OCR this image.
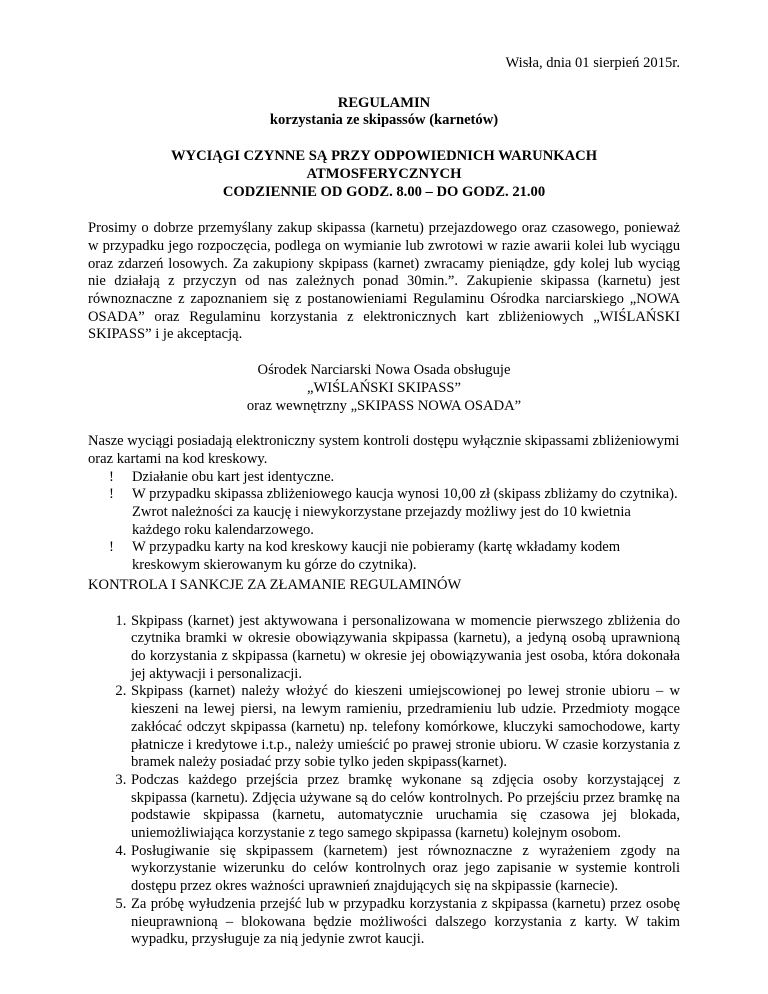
Wisła, dnia 01 sierpień 2015r.
REGULAMIN
korzystania ze skipassów (karnetów)
WYCIĄGI CZYNNE SĄ PRZY ODPOWIEDNICH WARUNKACH
ATMOSFERYCZNYCH
CODZIENNIE OD GODZ. 8.00 – DO GODZ. 21.00

Prosimy o dobrze przemyślany zakup skipassa (karnetu) przejazdowego oraz czasowego, ponieważ w przypadku jego rozpoczęcia, podlega on wymianie lub zwrotowi w razie awarii kolei lub wyciągu oraz zdarzeń losowych. Za zakupiony skpipass (karnet) zwracamy pieniądze, gdy kolej lub wyciąg nie działają z przyczyn od nas zależnych ponad 30min.”. Zakupienie skipassa (karnetu) jest równoznaczne z zapoznaniem się z postanowieniami Regulaminu Ośrodka narciarskiego „NOWA OSADA” oraz Regulaminu korzystania z elektronicznych kart zbliżeniowych „WIŚLAŃSKI SKIPASS” i je akceptacją.

Ośrodek Narciarski Nowa Osada obsługuje
„WIŚLAŃSKI SKIPASS”
oraz wewnętrzny „SKIPASS NOWA OSADA”

Nasze wyciągi posiadają elektroniczny system kontroli dostępu wyłącznie skipassami zbliżeniowymi oraz kartami na kod kreskowy.

! Działanie obu kart jest identyczne.
! W przypadku skipassa zbliżeniowego kaucja wynosi 10,00 zł (skipass zbliżamy do czytnika). Zwrot należności za kaucję i niewykorzystane przejazdy możliwy jest do 10 kwietnia każdego roku kalendarzowego.
! W przypadku karty na kod kreskowy kaucji nie pobieramy (kartę wkładamy kodem kreskowym skierowanym ku górze do czytnika).
KONTROLA I SANKCJE ZA ZŁAMANIE REGULAMINÓW
1. Skpipass (karnet) jest aktywowana i personalizowana w momencie pierwszego zbliżenia do czytnika bramki w okresie obowiązywania skpipassa (karnetu), a jedyną osobą uprawnioną do korzystania z skpipassa (karnetu) w okresie jej obowiązywania jest osoba, która dokonała jej aktywacji i personalizacji.
2. Skpipass (karnet) należy włożyć do kieszeni umiejscowionej po lewej stronie ubioru – w kieszeni na lewej piersi, na lewym ramieniu, przedramieniu lub udzie. Przedmioty mogące zakłócać odczyt skpipassa (karnetu) np. telefony komórkowe, kluczyki samochodowe, karty płatnicze i kredytowe i.t.p., należy umieścić po prawej stronie ubioru. W czasie korzystania z bramek należy posiadać przy sobie tylko jeden skpipass(karnet).
3. Podczas każdego przejścia przez bramkę wykonane są zdjęcia osoby korzystającej z skpipassa (karnetu). Zdjęcia używane są do celów kontrolnych. Po przejściu przez bramkę na podstawie skpipassa (karnetu, automatycznie uruchamia się czasowa jej blokada, uniemożliwiająca korzystanie z tego samego skpipassa (karnetu) kolejnym osobom.
4. Posługiwanie się skpipassem (karnetem) jest równoznaczne z wyrażeniem zgody na wykorzystanie wizerunku do celów kontrolnych oraz jego zapisanie w systemie kontroli dostępu przez okres ważności uprawnień znajdujących się na skpipassie (karnecie).
5. Za próbę wyłudzenia przejść lub w przypadku korzystania z skpipassa (karnetu) przez osobę nieuprawnioną – blokowana będzie możliwości dalszego korzystania z karty. W takim wypadku, przysługuje za nią jedynie zwrot kaucji.
